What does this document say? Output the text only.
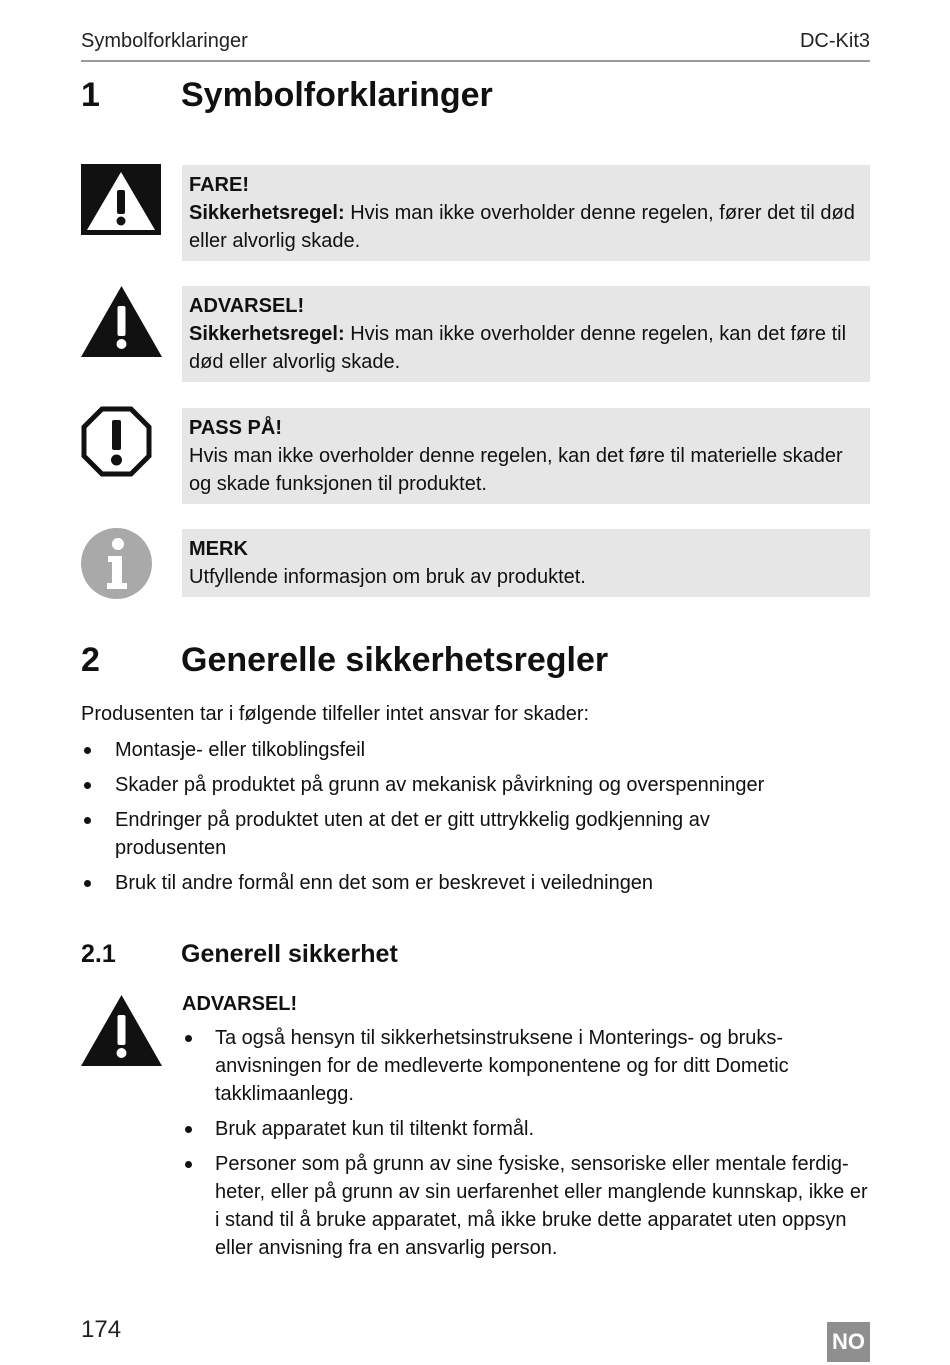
Symbolforklaringer	DC-Kit3
1 Symbolforklaringer
FARE!
Sikkerhetsregel: Hvis man ikke overholder denne regelen, fører det til død eller alvorlig skade.
ADVARSEL!
Sikkerhetsregel: Hvis man ikke overholder denne regelen, kan det føre til død eller alvorlig skade.
PASS PÅ!
Hvis man ikke overholder denne regelen, kan det føre til materielle skader og skade funksjonen til produktet.
MERK
Utfyllende informasjon om bruk av produktet.
2 Generelle sikkerhetsregler
Produsenten tar i følgende tilfeller intet ansvar for skader:
Montasje- eller tilkoblingsfeil
Skader på produktet på grunn av mekanisk påvirkning og overspenninger
Endringer på produktet uten at det er gitt uttrykkelig godkjenning av produsenten
Bruk til andre formål enn det som er beskrevet i veiledningen
2.1	Generell sikkerhet
ADVARSEL!
Ta også hensyn til sikkerhetsinstruksene i Monterings- og bruks-anvisningen for de medleverte komponentene og for ditt Dometic takklimaanlegg.
Bruk apparatet kun til tiltenkt formål.
Personer som på grunn av sine fysiske, sensoriske eller mentale ferdig-heter, eller på grunn av sin uerfarenhet eller manglende kunnskap, ikke er i stand til å bruke apparatet, må ikke bruke dette apparatet uten oppsyn eller anvisning fra en ansvarlig person.
174	NO
